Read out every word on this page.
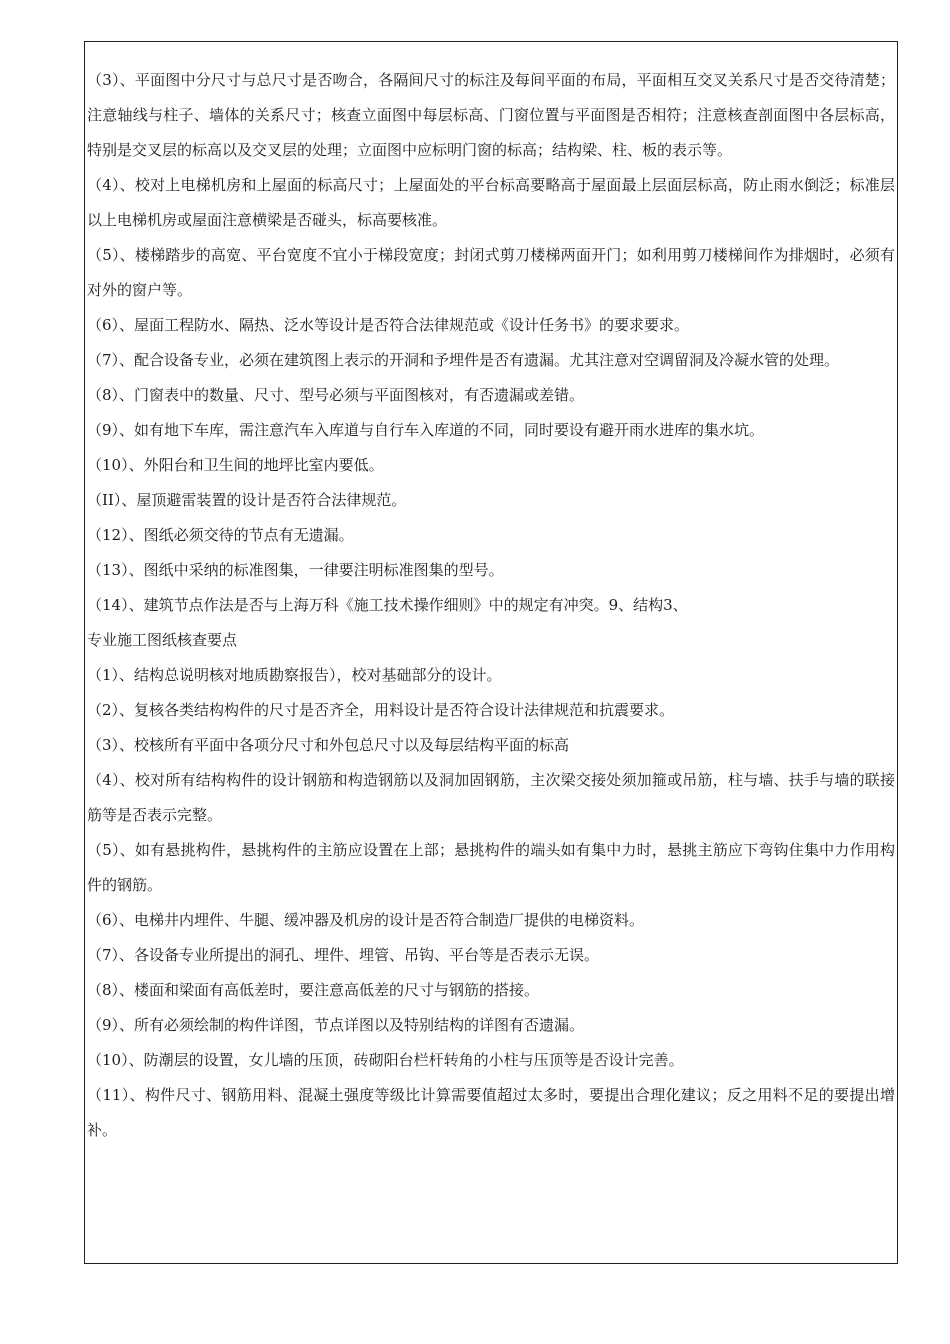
（3）、平面图中分尺寸与总尺寸是否吻合，各隔间尺寸的标注及每间平面的布局，平面相互交叉关系尺寸是否交待清楚；注意轴线与柱子、墙体的关系尺寸；核查立面图中每层标高、门窗位置与平面图是否相符；注意核查剖面图中各层标高，特别是交叉层的标高以及交叉层的处理；立面图中应标明门窗的标高；结构梁、柱、板的表示等。

（4）、校对上电梯机房和上屋面的标高尺寸；上屋面处的平台标高要略高于屋面最上层面层标高，防止雨水倒泛；标准层以上电梯机房或屋面注意横梁是否碰头，标高要核准。

（5）、楼梯踏步的高宽、平台宽度不宜小于梯段宽度；封闭式剪刀楼梯两面开门；如利用剪刀楼梯间作为排烟时，必须有对外的窗户等。

（6）、屋面工程防水、隔热、泛水等设计是否符合法律规范或《设计任务书》的要求要求。

（7）、配合设备专业，必须在建筑图上表示的开洞和予埋件是否有遗漏。尤其注意对空调留洞及冷凝水管的处理。

（8）、门窗表中的数量、尺寸、型号必须与平面图核对，有否遗漏或差错。

（9）、如有地下车库，需注意汽车入库道与自行车入库道的不同，同时要设有避开雨水进库的集水坑。

（10）、外阳台和卫生间的地坪比室内要低。

（II）、屋顶避雷装置的设计是否符合法律规范。

（12）、图纸必须交待的节点有无遗漏。

（13）、图纸中采纳的标准图集，一律要注明标准图集的型号。

（14）、建筑节点作法是否与上海万科《施工技术操作细则》中的规定有冲突。9、结构3、

专业施工图纸核查要点

（1）、结构总说明核对地质勘察报告），校对基础部分的设计。

（2）、复核各类结构构件的尺寸是否齐全，用料设计是否符合设计法律规范和抗震要求。

（3）、校核所有平面中各项分尺寸和外包总尺寸以及每层结构平面的标高

（4）、校对所有结构构件的设计钢筋和构造钢筋以及洞加固钢筋，主次梁交接处须加箍或吊筋，柱与墙、扶手与墙的联接筋等是否表示完整。

（5）、如有悬挑构件，悬挑构件的主筋应设置在上部；悬挑构件的端头如有集中力时，悬挑主筋应下弯钩住集中力作用构件的钢筋。

（6）、电梯井内埋件、牛腿、缓冲器及机房的设计是否符合制造厂提供的电梯资料。

（7）、各设备专业所提出的洞孔、埋件、埋管、吊钩、平台等是否表示无误。

（8）、楼面和梁面有高低差时，要注意高低差的尺寸与钢筋的搭接。

（9）、所有必须绘制的构件详图，节点详图以及特别结构的详图有否遗漏。

（10）、防潮层的设置，女儿墙的压顶，砖砌阳台栏杆转角的小柱与压顶等是否设计完善。

（11）、构件尺寸、钢筋用料、混凝土强度等级比计算需要值超过太多时，要提出合理化建议；反之用料不足的要提出增补。
